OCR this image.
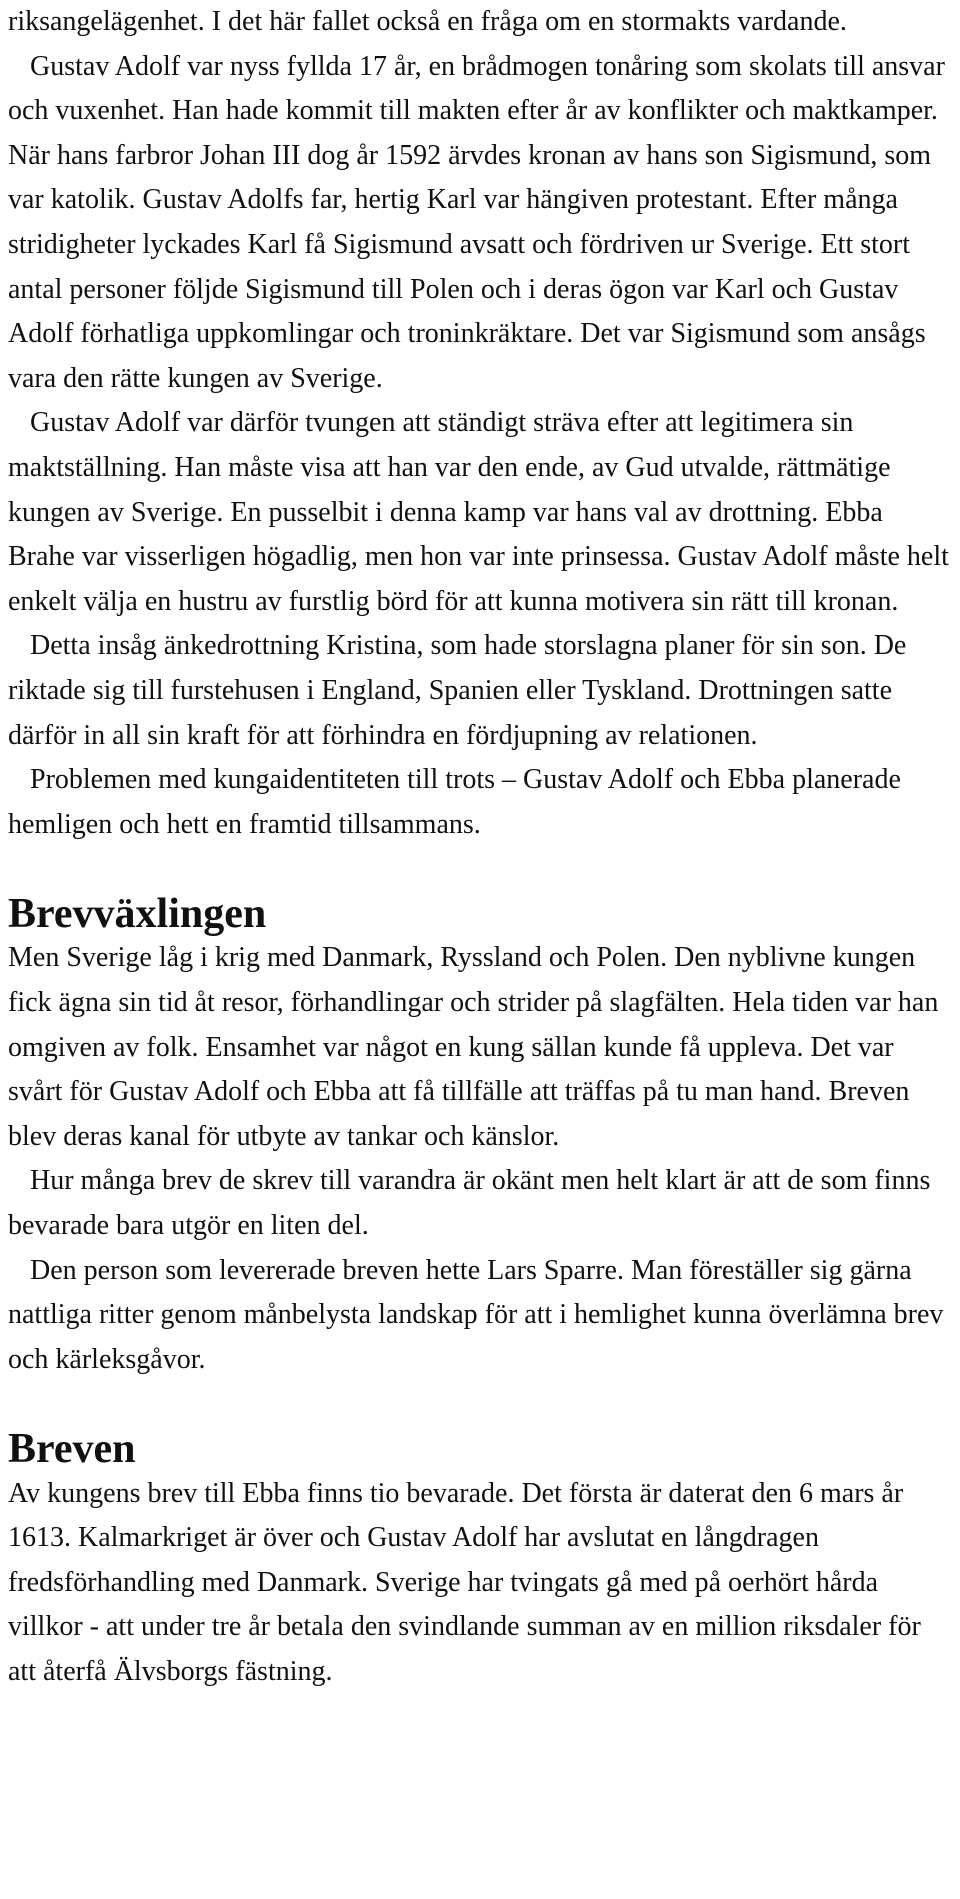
riksangelägenhet. I det här fallet också en fråga om en stormakts vardande.

Gustav Adolf var nyss fyllda 17 år, en brådmogen tonåring som skolats till ansvar och vuxenhet. Han hade kommit till makten efter år av konflikter och maktkamper. När hans farbror Johan III dog år 1592 ärvdes kronan av hans son Sigismund, som var katolik. Gustav Adolfs far, hertig Karl var hängiven protestant. Efter många stridigheter lyckades Karl få Sigismund avsatt och fördriven ur Sverige. Ett stort antal personer följde Sigismund till Polen och i deras ögon var Karl och Gustav Adolf förhatliga uppkomlingar och troninkräktare. Det var Sigismund som ansågs vara den rätte kungen av Sverige.

Gustav Adolf var därför tvungen att ständigt sträva efter att legitimera sin maktställning. Han måste visa att han var den ende, av Gud utvalde, rättmätige kungen av Sverige. En pusselbit i denna kamp var hans val av drottning. Ebba Brahe var visserligen högadlig, men hon var inte prinsessa. Gustav Adolf måste helt enkelt välja en hustru av furstlig börd för att kunna motivera sin rätt till kronan.

Detta insåg änkedrottning Kristina, som hade storslagna planer för sin son. De riktade sig till furstehusen i England, Spanien eller Tyskland. Drottningen satte därför in all sin kraft för att förhindra en fördjupning av relationen.

Problemen med kungaidentiteten till trots – Gustav Adolf och Ebba planerade hemligen och hett en framtid tillsammans.

Brevväxlingen

Men Sverige låg i krig med Danmark, Ryssland och Polen. Den nyblivne kungen fick ägna sin tid åt resor, förhandlingar och strider på slagfälten. Hela tiden var han omgiven av folk. Ensamhet var något en kung sällan kunde få uppleva. Det var svårt för Gustav Adolf och Ebba att få tillfälle att träffas på tu man hand. Breven blev deras kanal för utbyte av tankar och känslor.

Hur många brev de skrev till varandra är okänt men helt klart är att de som finns bevarade bara utgör en liten del.

Den person som levererade breven hette Lars Sparre. Man föreställer sig gärna nattliga ritter genom månbelysta landskap för att i hemlighet kunna överlämna brev och kärleksgåvor.

Breven

Av kungens brev till Ebba finns tio bevarade. Det första är daterat den 6 mars år 1613. Kalmarkriget är över och Gustav Adolf har avslutat en långdragen fredsförhandling med Danmark. Sverige har tvingats gå med på oerhört hårda villkor - att under tre år betala den svindlande summan av en million riksdaler för att återfå Älvsborgs fästning.
